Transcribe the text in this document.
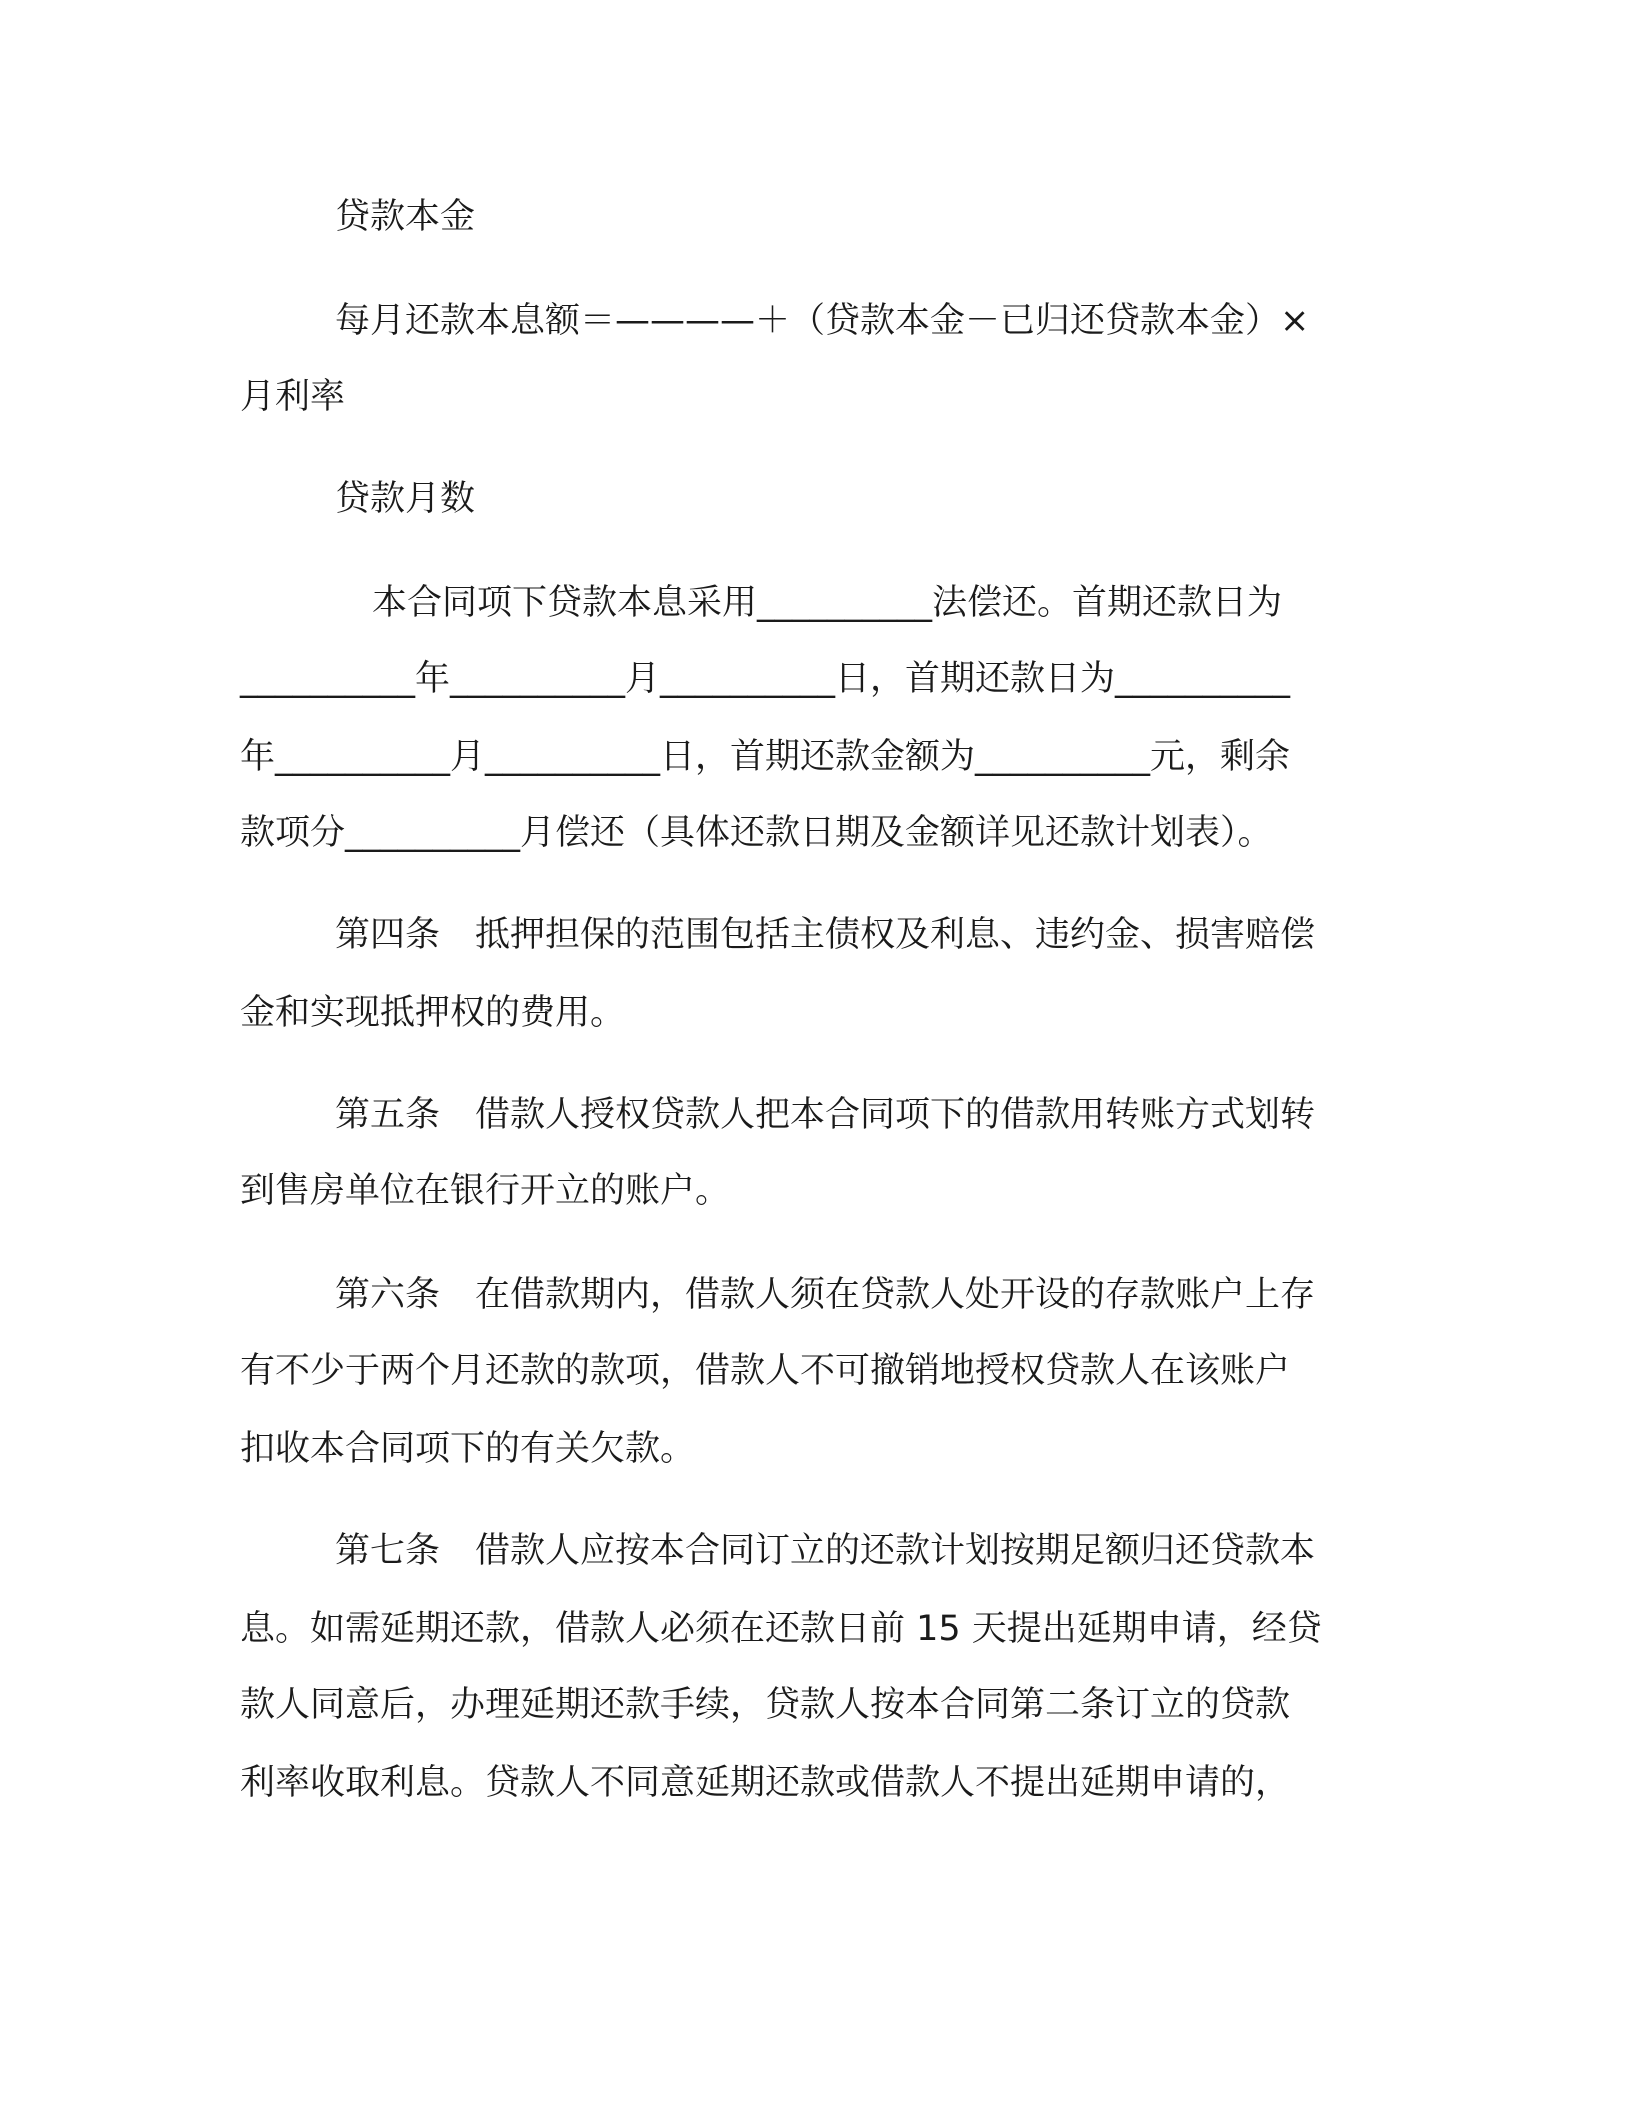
贷款本金
每月还款本息额＝————＋（贷款本金－已归还贷款本金）×
月利率
贷款月数
本合同项下贷款本息采用__________法偿还。首期还款日为
__________年__________月__________日，首期还款日为__________
年__________月__________日，首期还款金额为__________元，剩余
款项分__________月偿还（具体还款日期及金额详见还款计划表）。
第四条　抵押担保的范围包括主债权及利息、违约金、损害赔偿
金和实现抵押权的费用。
第五条　借款人授权贷款人把本合同项下的借款用转账方式划转
到售房单位在银行开立的账户。
第六条　在借款期内，借款人须在贷款人处开设的存款账户上存
有不少于两个月还款的款项，借款人不可撤销地授权贷款人在该账户
扣收本合同项下的有关欠款。
第七条　借款人应按本合同订立的还款计划按期足额归还贷款本
息。如需延期还款，借款人必须在还款日前 15 天提出延期申请，经贷
款人同意后，办理延期还款手续，贷款人按本合同第二条订立的贷款
利率收取利息。贷款人不同意延期还款或借款人不提出延期申请的，
